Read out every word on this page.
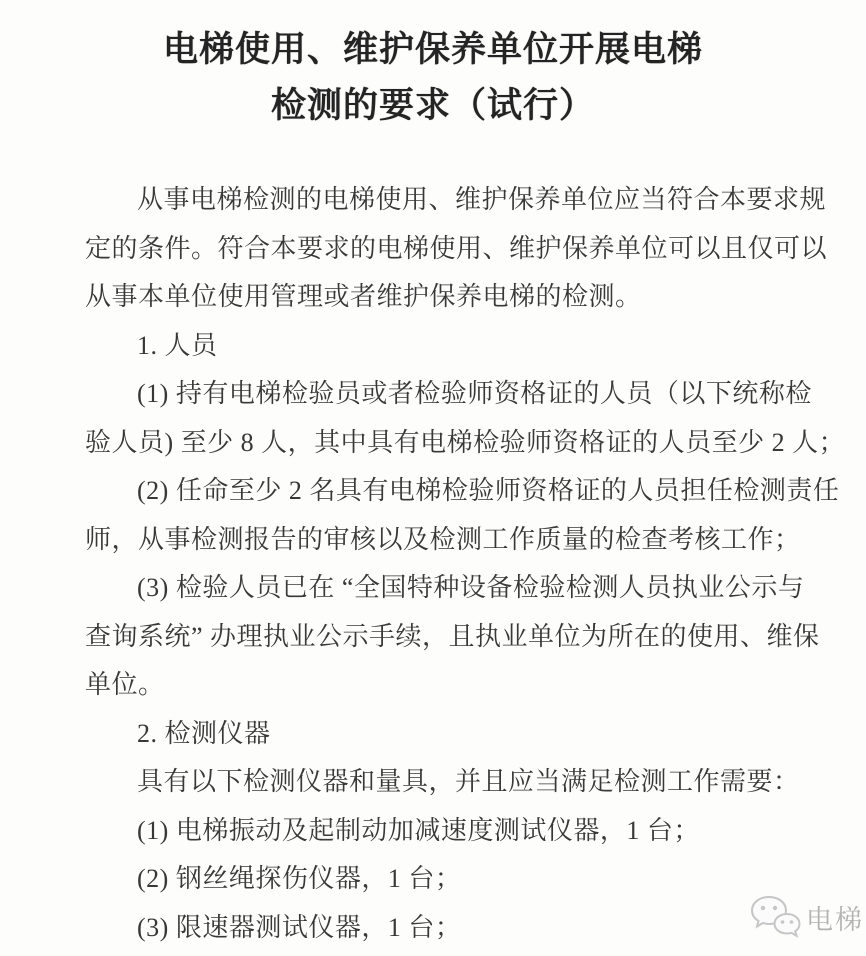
电梯使用、维护保养单位开展电梯
检测的要求（试行）
从事电梯检测的电梯使用、维护保养单位应当符合本要求规
定的条件。符合本要求的电梯使用、维护保养单位可以且仅可以
从事本单位使用管理或者维护保养电梯的检测。
1. 人员
(1) 持有电梯检验员或者检验师资格证的人员（以下统称检
验人员) 至少 8 人，其中具有电梯检验师资格证的人员至少 2 人；
(2) 任命至少 2 名具有电梯检验师资格证的人员担任检测责任
师，从事检测报告的审核以及检测工作质量的检查考核工作；
(3) 检验人员已在 “全国特种设备检验检测人员执业公示与
查询系统” 办理执业公示手续，且执业单位为所在的使用、维保
单位。
2. 检测仪器
具有以下检测仪器和量具，并且应当满足检测工作需要：
(1) 电梯振动及起制动加减速度测试仪器，1 台；
(2) 钢丝绳探伤仪器，1 台；
(3) 限速器测试仪器，1 台；	电梯
